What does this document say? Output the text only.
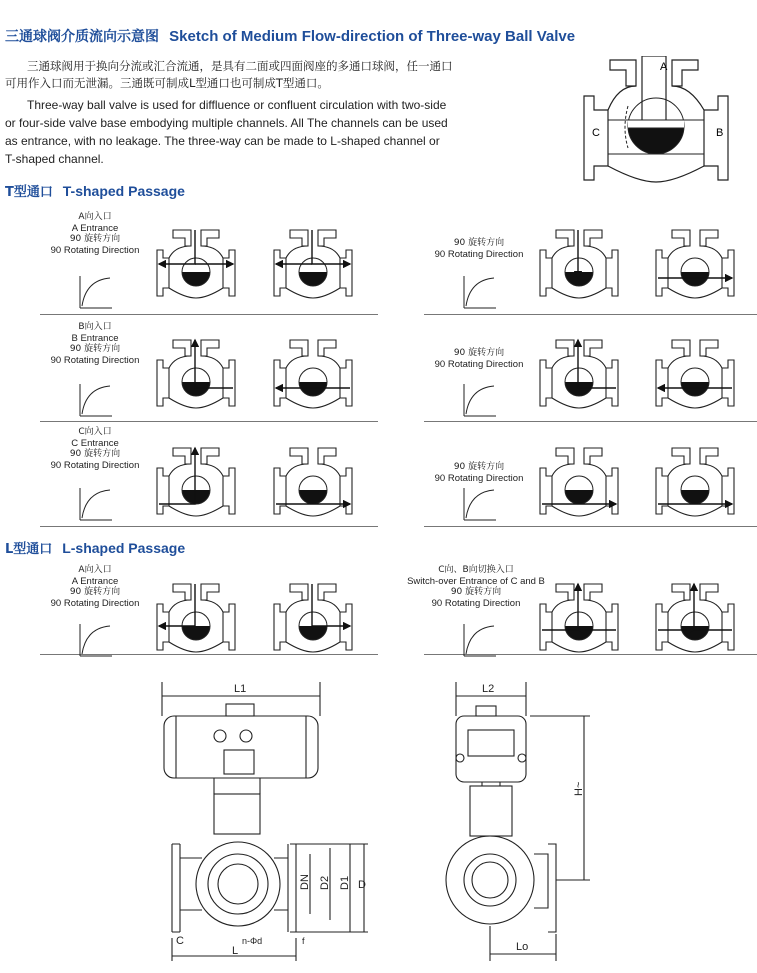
三通球阀介质流向示意图 Sketch of Medium Flow-direction of Three-way Ball Valve
三通球阀用于换向分流或汇合流通，是具有二面或四面阀座的多通口球阀，任一通口
可用作入口而无泄漏。三通既可制成L型通口也可制成T型通口。
Three-way ball valve is used for diffluence or confluent circulation with two-side
or four-side valve base embodying multiple channels. All The channels can be used
as entrance, with no leakage. The three-way can be made to L-shaped channel or
T-shaped channel.
A
C	B
T型通口 T-shaped Passage
A向入口
A Entrance
90 旋转方向
90 Rotating Direction
90 旋转方向
90 Rotating Direction
B向入口
B Entrance
90 旋转方向
90 Rotating Direction
90 旋转方向
90 Rotating Direction
C向入口
C Entrance
90 旋转方向
90 Rotating Direction	90 旋转方向
90 Rotating Direction
L型通口 L-shaped Passage
A向入口
A Entrance
90 旋转方向
90 Rotating Direction
C向、B向切换入口
Switch-over Entrance of C and B
90 旋转方向
90 Rotating Direction
L1
DN D2 D1 D
C	n-Φd	f
L
L2
H~
Lo
